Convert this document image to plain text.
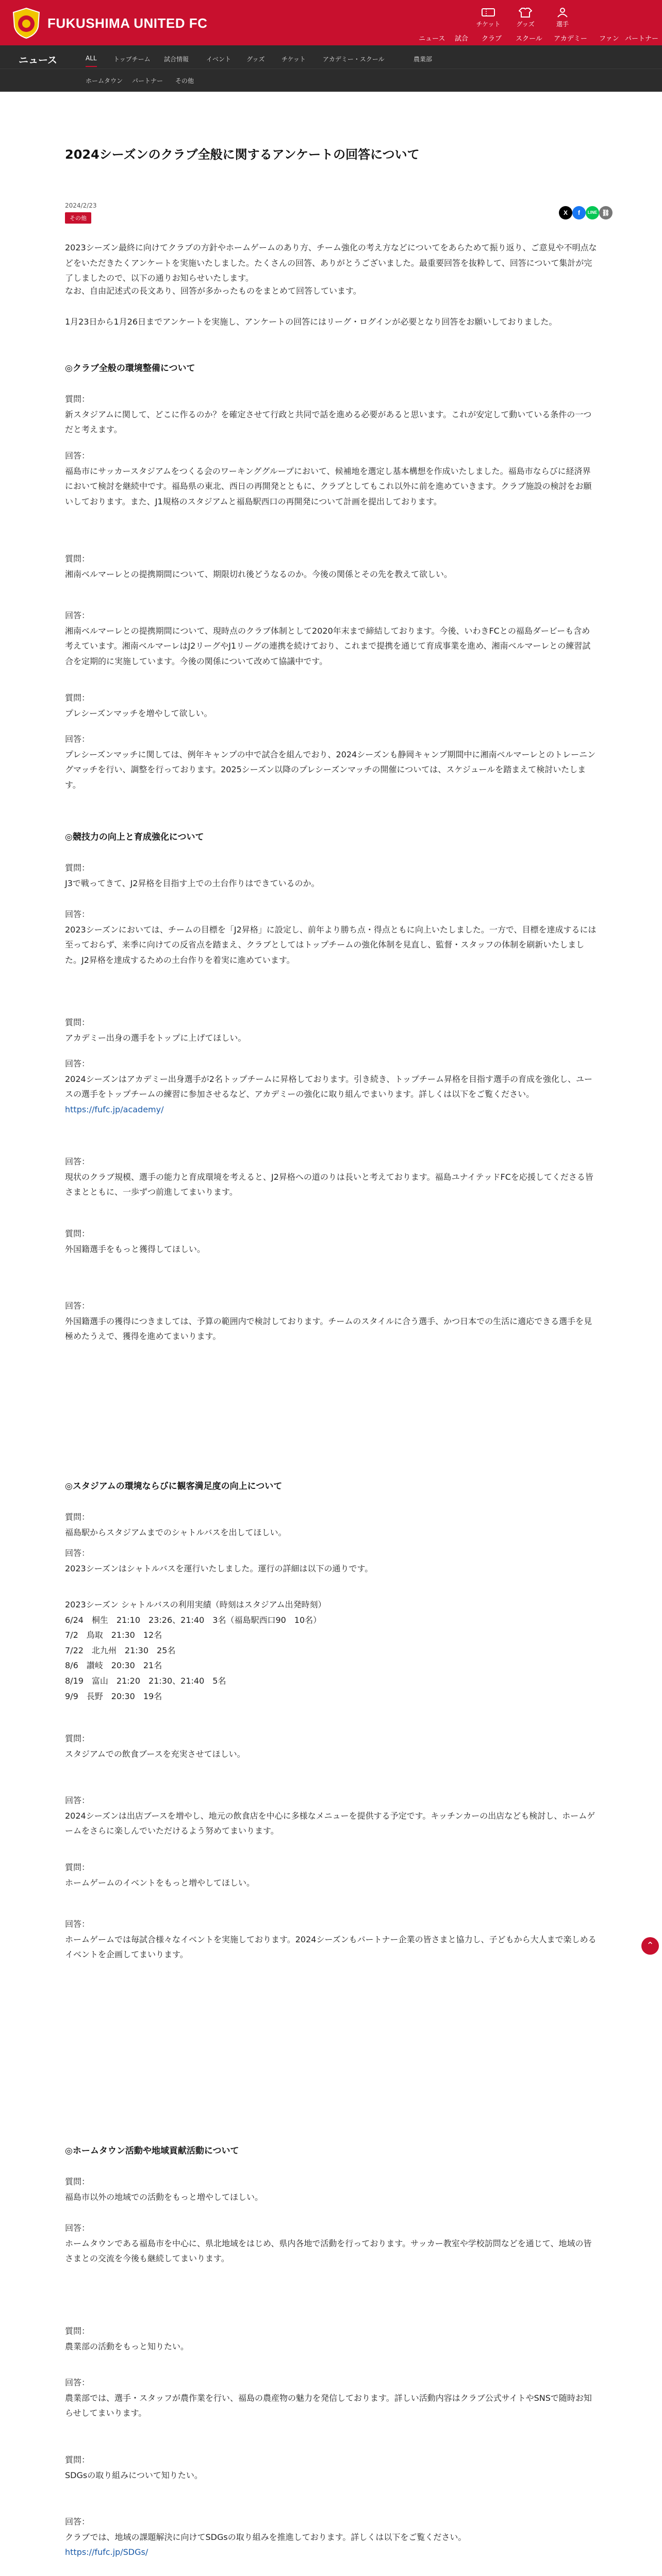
FUKUSHIMA UNITED FC	チケット	グッズ	選手
ニュース 試合 クラブ スクール アカデミー ファン パートナー
ニュース	ALL	トップチーム 試合情報	イベント グッズ	チケット	アカデミー・スクール	農業部
ホームタウン パートナー その他
2024シーズンのクラブ全般に関するアンケートの回答について
2024/2/23
その他
X	f	LINE ⛓
2023シーズン最終に向けてクラブの方針やホームゲームのあり方、チーム強化の考え方などについてをあらためて振り返り、ご意見や不明点などをいただきたくアンケートを実施いたしました。たくさんの回答、ありがとうございました。最重要回答を抜粋して、回答について集計が完了しましたので、以下の通りお知らせいたします。
なお、自由記述式の長文あり、回答が多かったものをまとめて回答しています。
1月23日から1月26日までアンケートを実施し、アンケートの回答にはリーグ・ログインが必要となり回答をお願いしておりました。
◎クラブ全般の環境整備について
質問：
新スタジアムに関して、どこに作るのか？を確定させて行政と共同で話を進める必要があると思います。これが安定して動いている条件の一つだと考えます。
回答：
福島市にサッカースタジアムをつくる会のワーキンググループにおいて、候補地を選定し基本構想を作成いたしました。福島市ならびに経済界において検討を継続中です。福島県の東北、西日の再開発とともに、クラブとしてもこれ以外に前を進めていきます。クラブ施設の検討をお願いしております。また、J1規格のスタジアムと福島駅西口の再開発について計画を提出しております。
質問：
湘南ベルマーレとの提携期間について、期限切れ後どうなるのか。今後の関係とその先を教えて欲しい。
回答：
湘南ベルマーレとの提携期間について、現時点のクラブ体制として2020年末まで締結しております。今後、いわきFCとの福島ダービーも含め考えています。湘南ベルマーレはJ2リーグやJ1リーグの連携を続けており、これまで提携を通じて育成事業を進め、湘南ベルマーレとの練習試合を定期的に実施しています。今後の関係について改めて協議中です。
質問：
プレシーズンマッチを増やして欲しい。
回答：
プレシーズンマッチに関しては、例年キャンプの中で試合を組んでおり、2024シーズンも静岡キャンプ期間中に湘南ベルマーレとのトレーニングマッチを行い、調整を行っております。2025シーズン以降のプレシーズンマッチの開催については、スケジュールを踏まえて検討いたします。
◎競技力の向上と育成強化について
質問：
J3で戦ってきて、J2昇格を目指す上での土台作りはできているのか。
回答：
2023シーズンにおいては、チームの目標を「J2昇格」に設定し、前年より勝ち点・得点ともに向上いたしました。一方で、目標を達成するには至っておらず、来季に向けての反省点を踏まえ、クラブとしてはトップチームの強化体制を見直し、監督・スタッフの体制を刷新いたしました。J2昇格を達成するための土台作りを着実に進めています。
質問：
アカデミー出身の選手をトップに上げてほしい。
回答：
2024シーズンはアカデミー出身選手が2名トップチームに昇格しております。引き続き、トップチーム昇格を目指す選手の育成を強化し、ユースの選手をトップチームの練習に参加させるなど、アカデミーの強化に取り組んでまいります。詳しくは以下をご覧ください。
https://fufc.jp/academy/
回答：
現状のクラブ規模、選手の能力と育成環境を考えると、J2昇格への道のりは長いと考えております。福島ユナイテッドFCを応援してくださる皆さまとともに、一歩ずつ前進してまいります。
質問：
外国籍選手をもっと獲得してほしい。
回答：
外国籍選手の獲得につきましては、予算の範囲内で検討しております。チームのスタイルに合う選手、かつ日本での生活に適応できる選手を見極めたうえで、獲得を進めてまいります。
◎スタジアムの環境ならびに観客満足度の向上について
質問：
福島駅からスタジアムまでのシャトルバスを出してほしい。
回答：
2023シーズンはシャトルバスを運行いたしました。運行の詳細は以下の通りです。
2023シーズン シャトルバスの利用実績（時刻はスタジアム出発時刻）
6/24　桐生　21:10　23:26、21:40　3名（福島駅西口90　10名）
7/2　鳥取　21:30　12名
7/22　北九州　21:30　25名
8/6　讃岐　20:30　21名
8/19　富山　21:20　21:30、21:40　5名
9/9　長野　20:30　19名
質問：
スタジアムでの飲食ブースを充実させてほしい。
回答：
2024シーズンは出店ブースを増やし、地元の飲食店を中心に多様なメニューを提供する予定です。キッチンカーの出店なども検討し、ホームゲームをさらに楽しんでいただけるよう努めてまいります。
質問：
ホームゲームのイベントをもっと増やしてほしい。
回答：
ホームゲームでは毎試合様々なイベントを実施しております。2024シーズンもパートナー企業の皆さまと協力し、子どもから大人まで楽しめるイベントを企画してまいります。
◎ホームタウン活動や地域貢献活動について
質問：
福島市以外の地域での活動をもっと増やしてほしい。
回答：
ホームタウンである福島市を中心に、県北地域をはじめ、県内各地で活動を行っております。サッカー教室や学校訪問などを通じて、地域の皆さまとの交流を今後も継続してまいります。
質問：
農業部の活動をもっと知りたい。
回答：
農業部では、選手・スタッフが農作業を行い、福島の農産物の魅力を発信しております。詳しい活動内容はクラブ公式サイトやSNSで随時お知らせしてまいります。
質問：
SDGsの取り組みについて知りたい。
回答：
クラブでは、地域の課題解決に向けてSDGsの取り組みを推進しております。詳しくは以下をご覧ください。
https://fufc.jp/SDGs/
⌃
